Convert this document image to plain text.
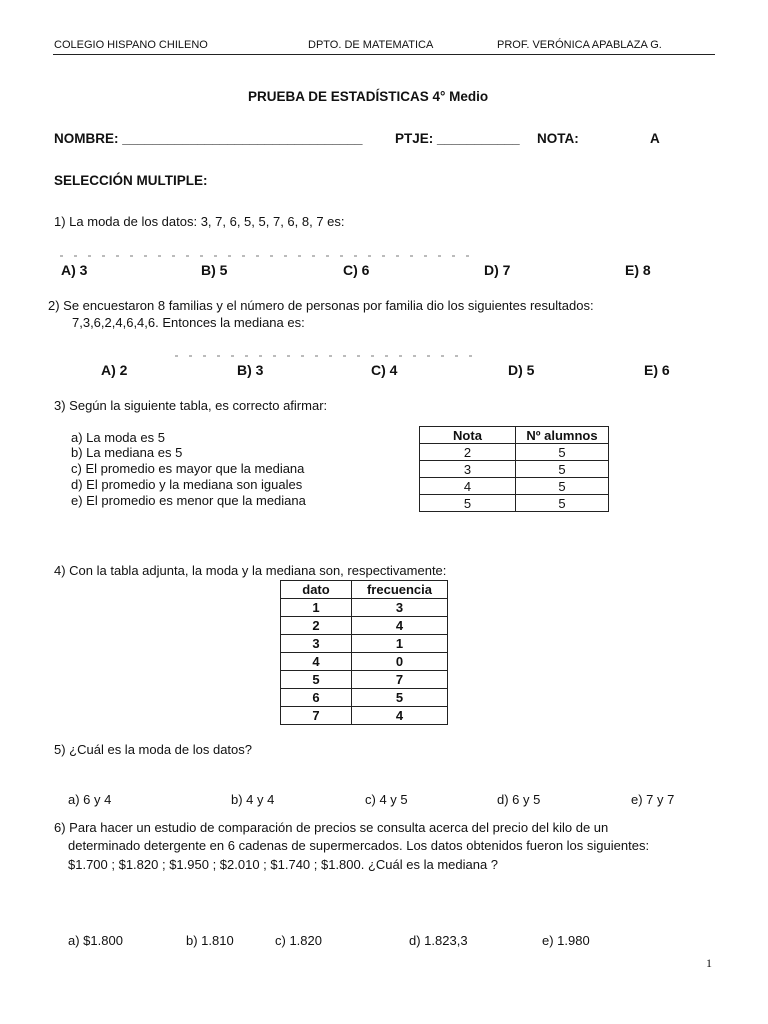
COLEGIO HISPANO CHILENO	DPTO. DE MATEMATICA	PROF. VERÓNICA APABLAZA G.
PRUEBA DE ESTADÍSTICAS 4° Medio
NOMBRE: ________________________________ PTJE: ___________ NOTA:	A
SELECCIÓN MULTIPLE:
1) La moda de los datos: 3, 7, 6, 5, 5, 7, 6, 8, 7 es:
A) 3	B) 5	C) 6	D) 7	E) 8
2) Se encuestaron 8 familias y el número de personas por familia dio los siguientes resultados:
7,3,6,2,4,6,4,6. Entonces la mediana es:
A) 2	B) 3	C) 4	D) 5	E) 6
3) Según la siguiente tabla, es correcto afirmar:
a) La moda es 5
b) La mediana es 5
c) El promedio es mayor que la mediana
d) El promedio y la mediana son iguales
e) El promedio es menor que la mediana
Nota	Nº alumnos
2	5
3	5
4	5
5	5
4) Con la tabla adjunta, la moda y la mediana son, respectivamente:
dato	frecuencia
1	3
2	4
3	1
4	0
5	7
6	5
7	4
5) ¿Cuál es la moda de los datos?
a) 6 y 4	b) 4 y 4	c) 4 y 5	d) 6 y 5	e) 7 y 7
6) Para hacer un estudio de comparación de precios se consulta acerca del precio del kilo de un
determinado detergente en 6 cadenas de supermercados. Los datos obtenidos fueron los siguientes:
$1.700 ; $1.820 ; $1.950 ; $2.010 ; $1.740 ; $1.800. ¿Cuál es la mediana ?
a) $1.800	b) 1.810	c) 1.820	d) 1.823,3	e) 1.980
1
